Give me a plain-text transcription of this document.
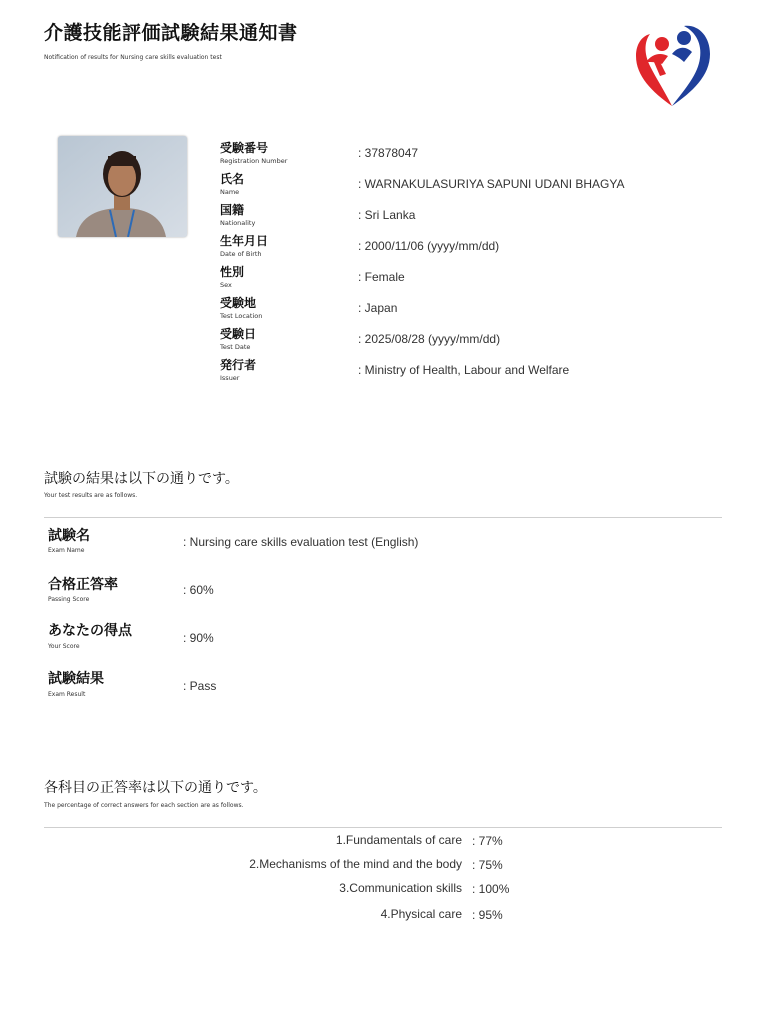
介護技能評価試験結果通知書
Notification of results for Nursing care skills evaluation test
受験番号
Registration Number
: 37878047
氏名
Name
: WARNAKULASURIYA SAPUNI UDANI BHAGYA
国籍
Nationality
: Sri Lanka
生年月日
Date of Birth
: 2000/11/06 (yyyy/mm/dd)
性別
Sex
: Female
受験地
Test Location
: Japan
受験日
Test Date
: 2025/08/28 (yyyy/mm/dd)
発行者
Issuer
: Ministry of Health, Labour and Welfare
試験の結果は以下の通りです。
Your test results are as follows.
試験名
Exam Name
: Nursing care skills evaluation test (English)
合格正答率
Passing Score
: 60%
あなたの得点
Your Score
: 90%
試験結果
Exam Result
: Pass
各科目の正答率は以下の通りです。
The percentage of correct answers for each section are as follows.
1.Fundamentals of care : 77%
2.Mechanisms of the mind and the body : 75%
3.Communication skills : 100%
4.Physical care : 95%
